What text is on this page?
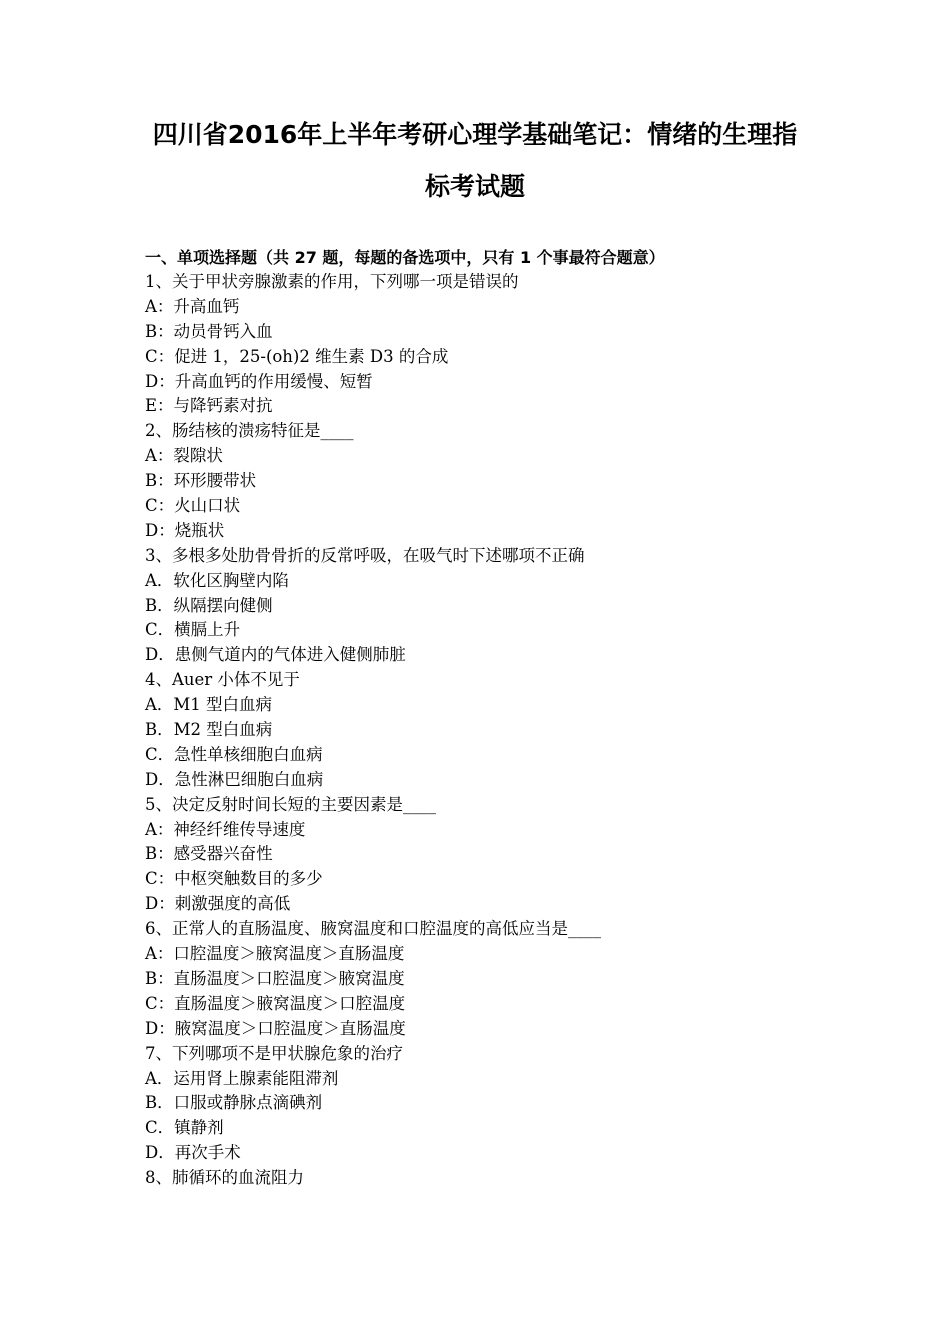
四川省2016年上半年考研心理学基础笔记：情绪的生理指
标考试题
一、单项选择题（共 27 题，每题的备选项中，只有 1 个事最符合题意）
1、关于甲状旁腺激素的作用，下列哪一项是错误的
A：升高血钙
B：动员骨钙入血
C：促进 1，25-(oh)2 维生素 D3 的合成
D：升高血钙的作用缓慢、短暂
E：与降钙素对抗
2、肠结核的溃疡特征是____
A：裂隙状
B：环形腰带状
C：火山口状
D：烧瓶状
3、多根多处肋骨骨折的反常呼吸，在吸气时下述哪项不正确
A．软化区胸壁内陷
B．纵隔摆向健侧
C．横膈上升
D．患侧气道内的气体进入健侧肺脏
4、Auer 小体不见于
A．M1 型白血病
B．M2 型白血病
C．急性单核细胞白血病
D．急性淋巴细胞白血病
5、决定反射时间长短的主要因素是____
A：神经纤维传导速度
B：感受器兴奋性
C：中枢突触数目的多少
D：刺激强度的高低
6、正常人的直肠温度、腋窝温度和口腔温度的高低应当是____
A：口腔温度＞腋窝温度＞直肠温度
B：直肠温度＞口腔温度＞腋窝温度
C：直肠温度＞腋窝温度＞口腔温度
D：腋窝温度＞口腔温度＞直肠温度
7、下列哪项不是甲状腺危象的治疗
A．运用肾上腺素能阻滞剂
B．口服或静脉点滴碘剂
C．镇静剂
D．再次手术
8、肺循环的血流阻力
